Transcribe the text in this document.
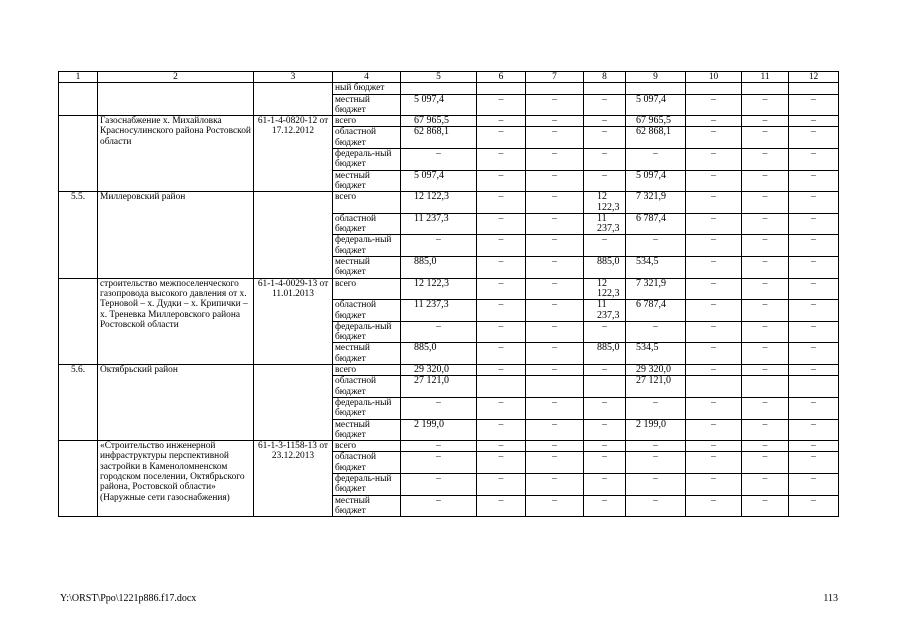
1	2	3	4	5	6	7	8	9	10	11	12
			ный бюджет								
			местный бюджет	5 097,4	–	–	–	5 097,4	–	–	–
	Газоснабжение х. Михайловка Красносулинского района Ростовской области	61-1-4-0820-12 от 17.12.2012	всего	67 965,5	–	–	–	67 965,5	–	–	–
			областной бюджет	62 868,1	–	–	–	62 868,1	–	–	–
			федераль-ный бюджет	–	–	–	–	–	–	–	–
			местный бюджет	5 097,4	–	–	–	5 097,4	–	–	–
5.5.	Миллеровский район		всего	12 122,3	–	–	12 122,3	7 321,9	–	–	–
			областной бюджет	11 237,3	–	–	11 237,3	6 787,4	–	–	–
			федераль-ный бюджет	–	–	–	–	–	–	–	–
			местный бюджет	885,0	–	–	885,0	534,5	–	–	–
	строительство межпоселенческого газопровода высокого давления от х. Терновой – х. Дудки – х. Крипички – х. Треневка Миллеровского района Ростовской области	61-1-4-0029-13 от 11.01.2013	всего	12 122,3	–	–	12 122,3	7 321,9	–	–	–
			областной бюджет	11 237,3	–	–	11 237,3	6 787,4	–	–	–
			федераль-ный бюджет	–	–	–	–	–	–	–	–
			местный бюджет	885,0	–	–	885,0	534,5	–	–	–
5.6.	Октябрьский район		всего	29 320,0	–	–	–	29 320,0	–	–	–
			областной бюджет	27 121,0				27 121,0			
			федераль-ный бюджет	–	–	–	–	–	–	–	–
			местный бюджет	2 199,0	–	–	–	2 199,0	–	–	–
	«Строительство инженерной инфраструктуры перспективной застройки в Каменоломненском городском поселении, Октябрьского района, Ростовской области» (Наружные сети газоснабжения)	61-1-3-1158-13 от 23.12.2013	всего	–	–	–	–	–	–	–	–
			областной бюджет	–	–	–	–	–	–	–	–
			федераль-ный бюджет	–	–	–	–	–	–	–	–
			местный бюджет	–	–	–	–	–	–	–	–
Y:\ORST\Ppo\1221p886.f17.docx	113
